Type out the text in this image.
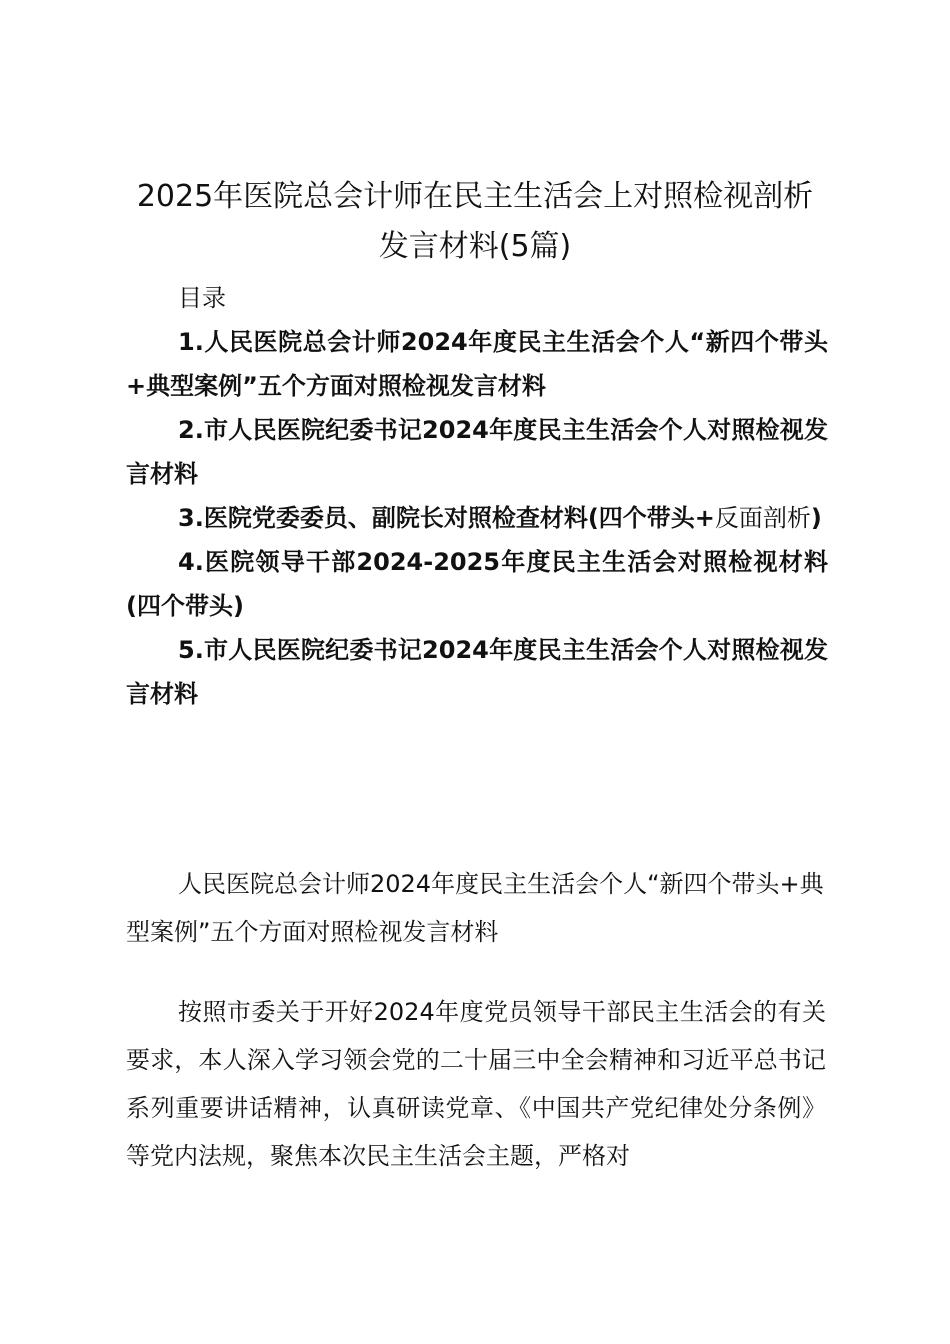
2025年医院总会计师在民主生活会上对照检视剖析发言材料(5篇)
目录

1.人民医院总会计师2024年度民主生活会个人“新四个带头+典型案例”五个方面对照检视发言材料

2.市人民医院纪委书记2024年度民主生活会个人对照检视发言材料

3.医院党委委员、副院长对照检查材料(四个带头+反面剖析)

4.医院领导干部2024-2025年度民主生活会对照检视材料(四个带头)

5.市人民医院纪委书记2024年度民主生活会个人对照检视发言材料

人民医院总会计师2024年度民主生活会个人“新四个带头+典型案例”五个方面对照检视发言材料
按照市委关于开好2024年度党员领导干部民主生活会的有关要求，本人深入学习领会党的二十届三中全会精神和习近平总书记系列重要讲话精神，认真研读党章、《中国共产党纪律处分条例》等党内法规，聚焦本次民主生活会主题，严格对
